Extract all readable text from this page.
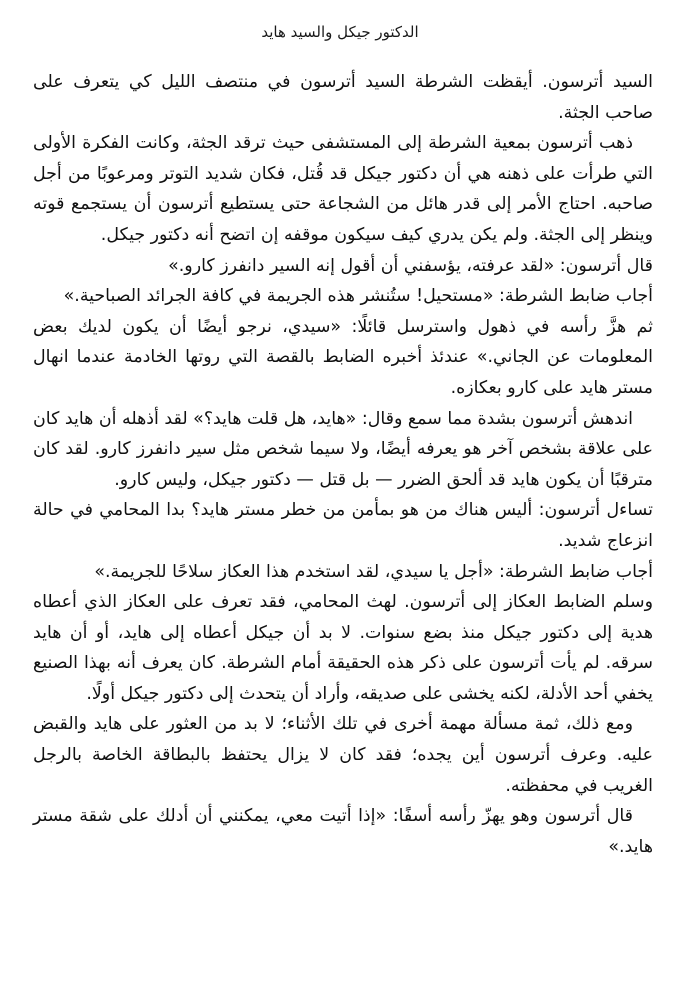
الدكتور جيكل والسيد هايد

السيد أترسون. أيقظت الشرطة السيد أترسون في منتصف الليل كي يتعرف على صاحب الجثة.

ذهب أترسون بمعية الشرطة إلى المستشفى حيث ترقد الجثة، وكانت الفكرة الأولى التي طرأت على ذهنه هي أن دكتور جيكل قد قُتل، فكان شديد التوتر ومرعوبًا من أجل صاحبه. احتاج الأمر إلى قدر هائل من الشجاعة حتى يستطيع أترسون أن يستجمع قوته وينظر إلى الجثة. ولم يكن يدري كيف سيكون موقفه إن اتضح أنه دكتور جيكل.

قال أترسون: «لقد عرفته، يؤسفني أن أقول إنه السير دانفرز كارو.»

أجاب ضابط الشرطة: «مستحيل! ستُنشر هذه الجريمة في كافة الجرائد الصباحية.»

ثم هزَّ رأسه في ذهول واسترسل قائلًا: «سيدي، نرجو أيضًا أن يكون لديك بعض المعلومات عن الجاني.» عندئذ أخبره الضابط بالقصة التي روتها الخادمة عندما انهال مستر هايد على كارو بعكازه.

اندهش أترسون بشدة مما سمع وقال: «هايد، هل قلت هايد؟» لقد أذهله أن هايد كان على علاقة بشخص آخر هو يعرفه أيضًا، ولا سيما شخص مثل سير دانفرز كارو. لقد كان مترقبًا أن يكون هايد قد ألحق الضرر — بل قتل — دكتور جيكل، وليس كارو.

تساءل أترسون: أليس هناك من هو بمأمن من خطر مستر هايد؟ بدا المحامي في حالة انزعاج شديد.

أجاب ضابط الشرطة: «أجل يا سيدي، لقد استخدم هذا العكاز سلاحًا للجريمة.»

وسلم الضابط العكاز إلى أترسون. لهث المحامي، فقد تعرف على العكاز الذي أعطاه هدية إلى دكتور جيكل منذ بضع سنوات. لا بد أن جيكل أعطاه إلى هايد، أو أن هايد سرقه. لم يأت أترسون على ذكر هذه الحقيقة أمام الشرطة. كان يعرف أنه بهذا الصنيع يخفي أحد الأدلة، لكنه يخشى على صديقه، وأراد أن يتحدث إلى دكتور جيكل أولًا.

ومع ذلك، ثمة مسألة مهمة أخرى في تلك الأثناء؛ لا بد من العثور على هايد والقبض عليه. وعرف أترسون أين يجده؛ فقد كان لا يزال يحتفظ بالبطاقة الخاصة بالرجل الغريب في محفظته.

قال أترسون وهو يهزّ رأسه أسفًا: «إذا أتيت معي، يمكنني أن أدلك على شقة مستر هايد.»
